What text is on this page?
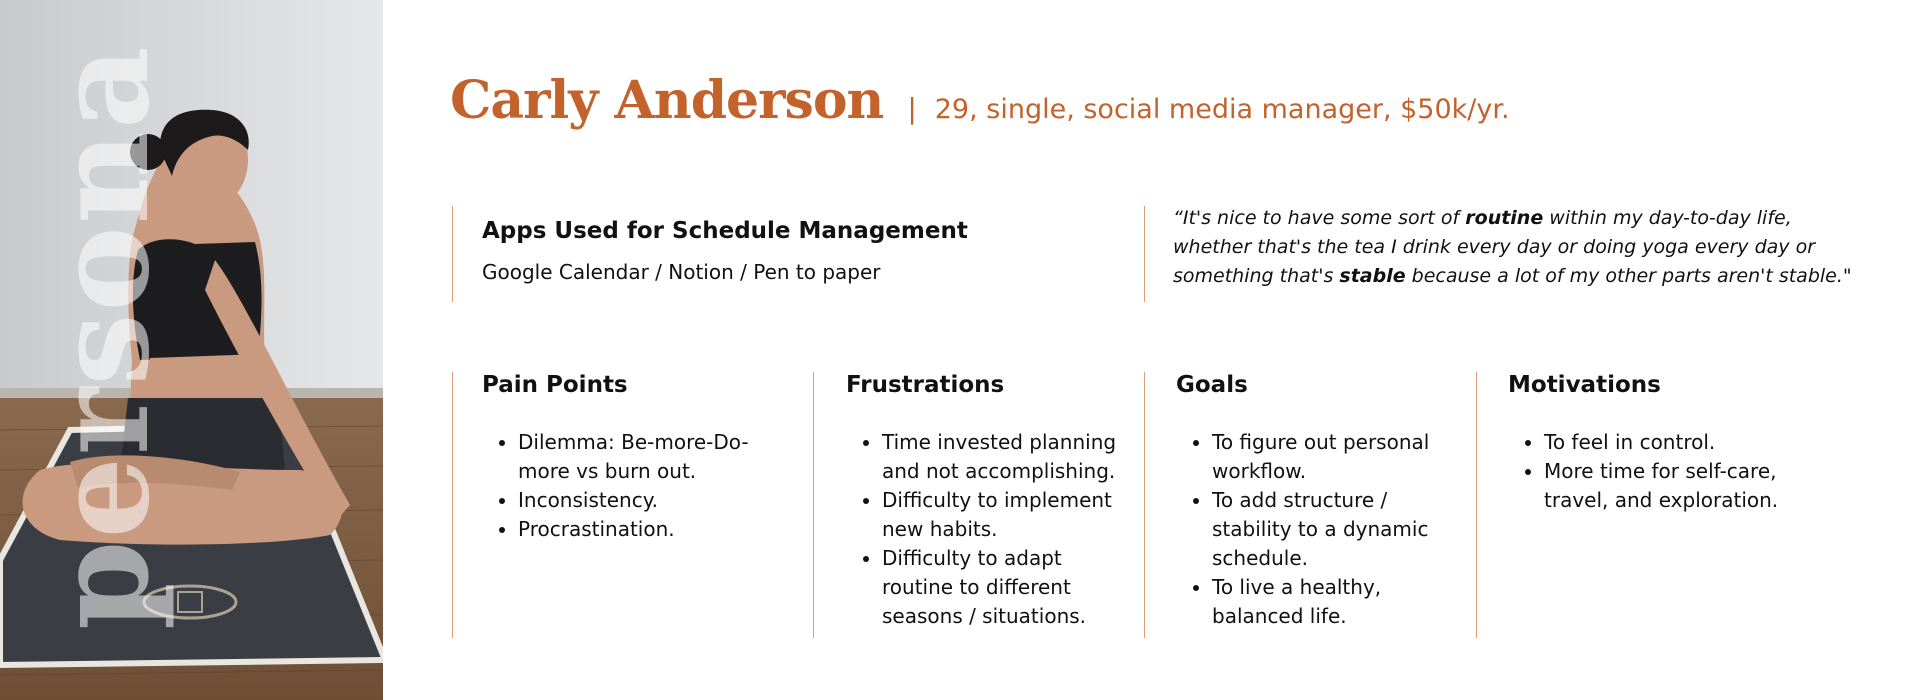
persona	Carly Anderson | 29, single, social media manager, $50k/yr.
Apps Used for Schedule Management
Google Calendar / Notion / Pen to paper
“It's nice to have some sort of routine within my day-to-day life, whether that's the tea I drink every day or doing yoga every day or something that's stable because a lot of my other parts aren't stable."
Pain Points
• Dilemma: Be-more-Do-more vs burn out.
• Inconsistency.
• Procrastination.
Frustrations
• Time invested planning and not accomplishing.
• Difficulty to implement new habits.
• Difficulty to adapt routine to different seasons / situations.
Goals
• To figure out personal workflow.
• To add structure / stability to a dynamic schedule.
• To live a healthy, balanced life.
Motivations
• To feel in control.
• More time for self-care, travel, and exploration.
